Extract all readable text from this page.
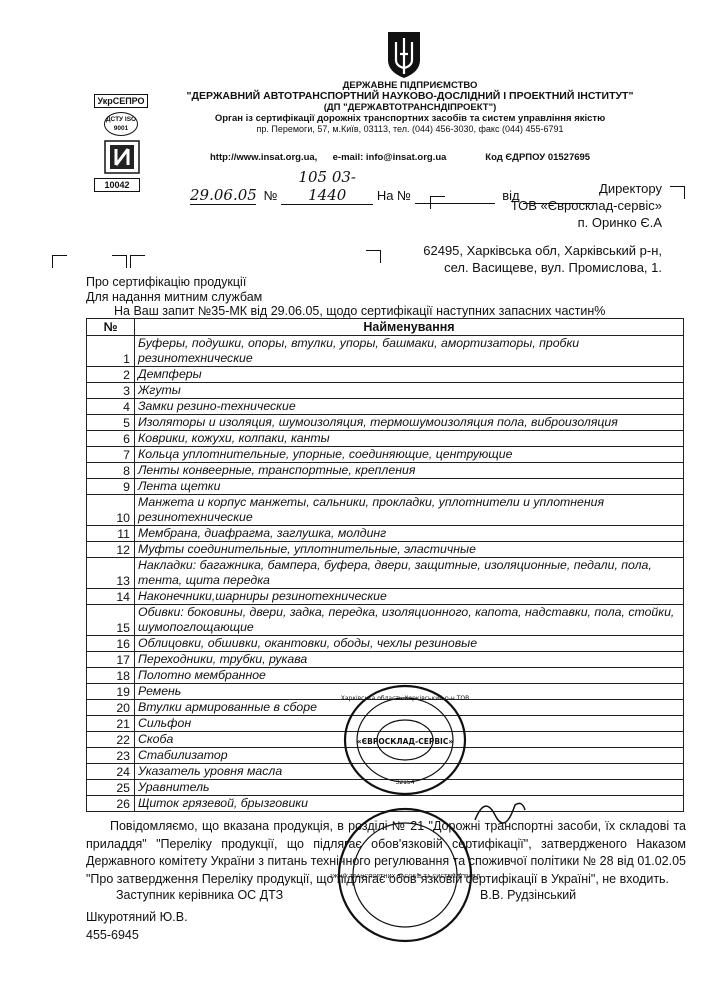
УкрСЕПРО
ДСТУ ISO 9001
10042
ДЕРЖАВНЕ ПІДПРИЄМСТВО
"ДЕРЖАВНИЙ АВТОТРАНСПОРТНИЙ НАУКОВО-ДОСЛІДНИЙ І ПРОЕКТНИЙ ІНСТИТУТ"
(ДП "ДЕРЖАВТОТРАНСНДІПРОЕКТ")
Орган із сертифікації дорожніх транспортних засобів та систем управління якістю
пр. Перемоги, 57, м.Київ, 03113, тел. (044) 456-3030, факс (044) 455-6791
http://www.insat.org.ua, e-mail: info@insat.org.ua	Код ЄДРПОУ 01527695
29.06.05 № 105 03-1440 На №	від	Директору
ТОВ «Євросклад-сервіс»
п. Оринко Є.А
62495, Харківська обл, Харківський р-н,
сел. Васищеве, вул. Промислова, 1.
Про сертифікацію продукції
Для надання митним службам
На Ваш запит №35-МК від 29.06.05, щодо сертифікації наступних запасних частин%
№	Найменування
1	Буферы, подушки, опоры, втулки, упоры, башмаки, амортизаторы, пробки резинотехнические
2	Демпферы
3	Жгуты
4	Замки резино-технические
5	Изоляторы и изоляция, шумоизоляция, термошумоизоляция пола, виброизоляция
6	Коврики, кожухи, колпаки, канты
7	Кольца уплотнительные, упорные, соединяющие, центрующие
8	Ленты конвеерные, транспортные, крепления
9	Лента щетки
10	Манжета и корпус манжеты, сальники, прокладки, уплотнители и уплотнения резинотехнические
11	Мембрана, диафрагма, заглушка, молдинг
12	Муфты соединительные, уплотнительные, эластичные
13	Накладки: багажника, бампера, буфера, двери, защитные, изоляционные, педали, пола, тента, щита передка
14	Наконечники,шарниры резинотехнические
15	Обивки: боковины, двери, задка, передка, изоляционного, капота, надставки, пола, стойки, шумопоглощающие
16	Облицовки, обшивки, окантовки, ободы, чехлы резиновые
17	Переходники, трубки, рукава
18	Полотно мембранное
19	Ремень
20	Втулки армированные в сборе
21	Сильфон
22	Скоба
23	Стабилизатор
24	Указатель уровня масла
25	Уравнитель
26	Щиток грязевой, брызговики
«ЄВРОСКЛАД-СЕРВІС»
Харківська область Харківський р-н ТОВ
32154
ОЖНІХ ТРАНСПОРТНИХ ЗАСОБІВ ТА СИСТЕМ УПРАВЛ

Повідомляємо, що вказана продукція, в розділі № 21 "Дорожні транспортні засоби, їх складові та приладдя" "Переліку продукції, що підлягає обов'язковій сертифікації", затвердженого Наказом Державного комітету України з питань технічного регулювання та споживчої політики № 28 від 01.02.05 "Про затвердження Переліку продукції, що підлягає обов`язковій сертифікації в Україні", не входить.

Заступник керівника ОС ДТЗ	В.В. Рудзінський
Шкуротяний Ю.В.
455-6945
